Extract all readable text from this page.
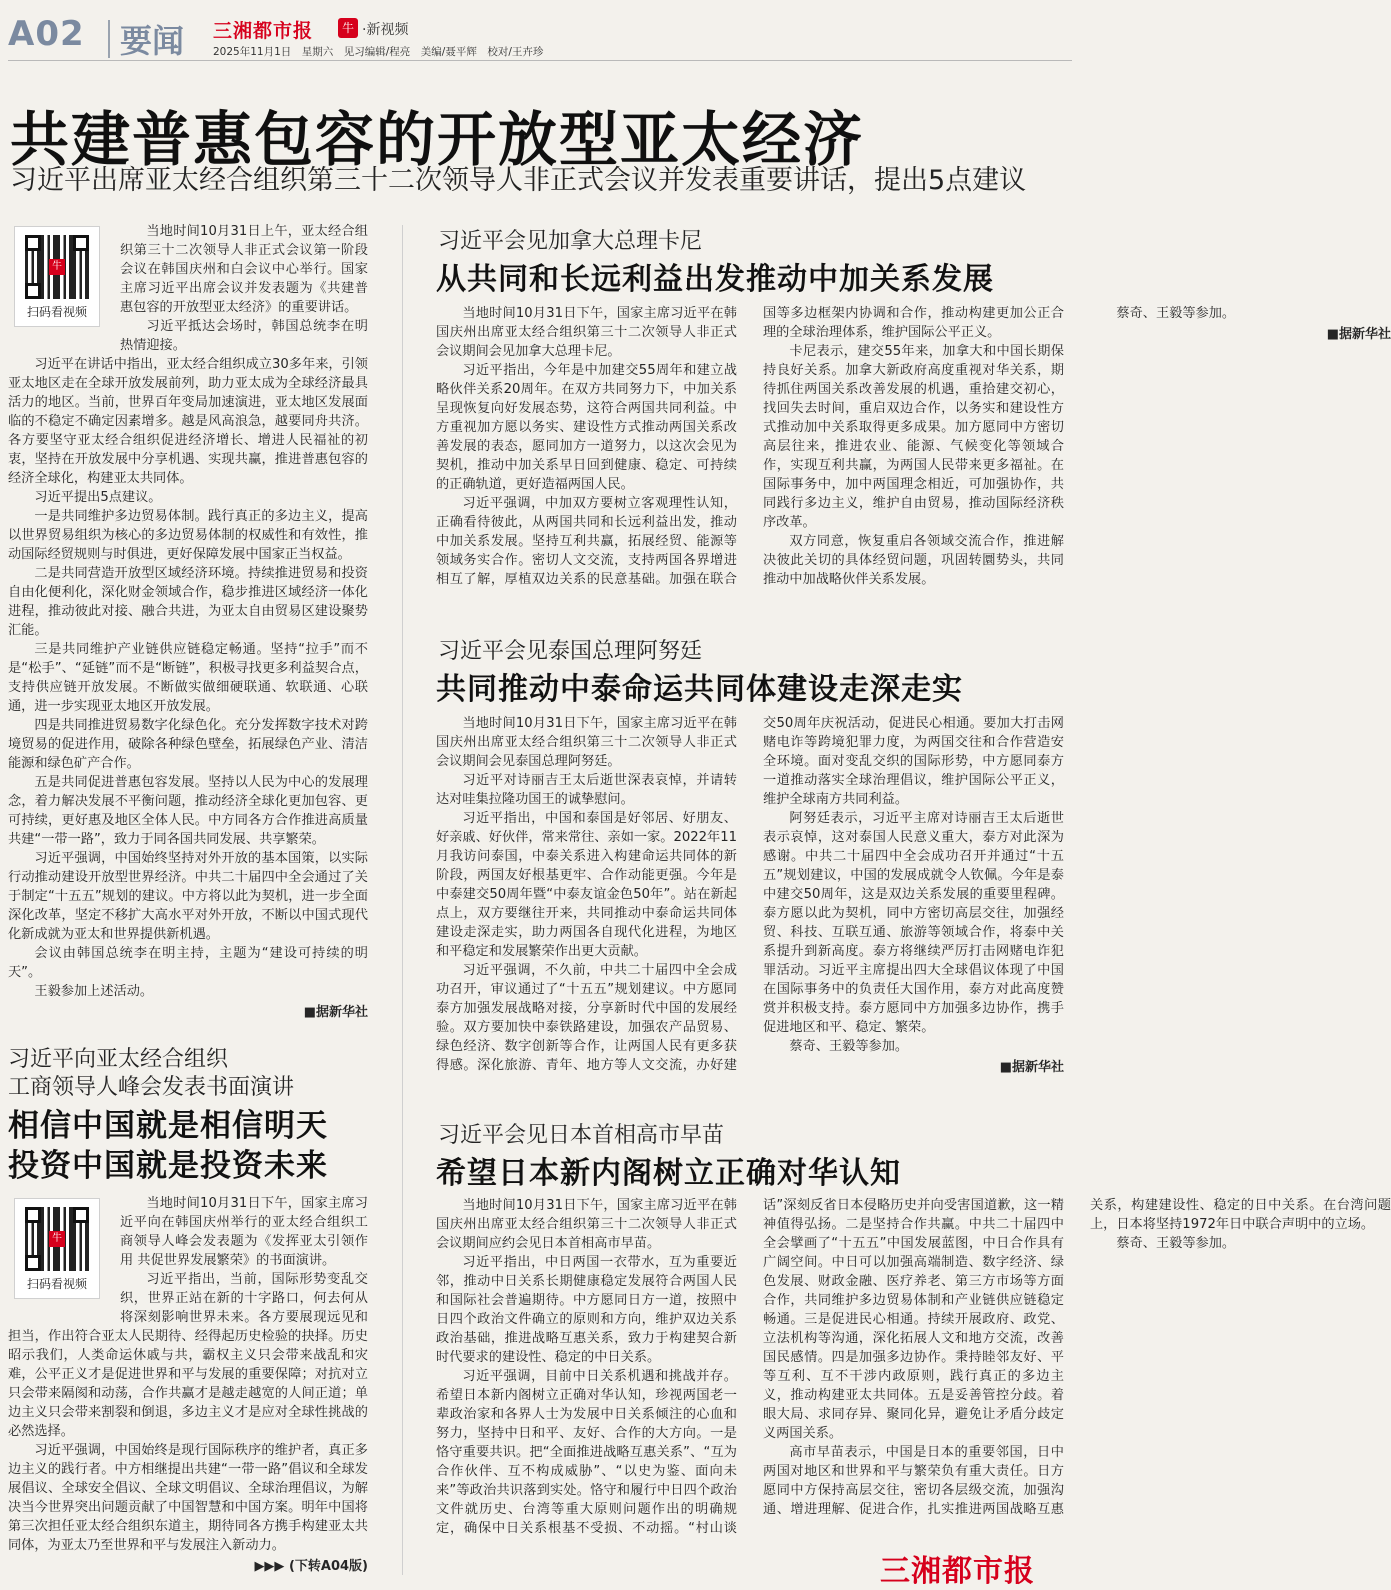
A02 要闻 三湘都市报	牛 ·新视频
2025年11月1日　星期六　见习编辑/程亮　美编/聂平辉　校对/王卉珍
共建普惠包容的开放型亚太经济
习近平出席亚太经合组织第三十二次领导人非正式会议并发表重要讲话，提出5点建议
牛
扫码看视频

当地时间10月31日上午，亚太经合组织第三十二次领导人非正式会议第一阶段会议在韩国庆州和白会议中心举行。国家主席习近平出席会议并发表题为《共建普惠包容的开放型亚太经济》的重要讲话。

习近平抵达会场时，韩国总统李在明热情迎接。

习近平在讲话中指出，亚太经合组织成立30多年来，引领亚太地区走在全球开放发展前列，助力亚太成为全球经济最具活力的地区。当前，世界百年变局加速演进，亚太地区发展面临的不稳定不确定因素增多。越是风高浪急，越要同舟共济。各方要坚守亚太经合组织促进经济增长、增进人民福祉的初衷，坚持在开放发展中分享机遇、实现共赢，推进普惠包容的经济全球化，构建亚太共同体。

习近平提出5点建议。

一是共同维护多边贸易体制。践行真正的多边主义，提高以世界贸易组织为核心的多边贸易体制的权威性和有效性，推动国际经贸规则与时俱进，更好保障发展中国家正当权益。

二是共同营造开放型区域经济环境。持续推进贸易和投资自由化便利化，深化财金领域合作，稳步推进区域经济一体化进程，推动彼此对接、融合共进，为亚太自由贸易区建设聚势汇能。

三是共同维护产业链供应链稳定畅通。坚持“拉手”而不是“松手”、“延链”而不是“断链”，积极寻找更多利益契合点，支持供应链开放发展。不断做实做细硬联通、软联通、心联通，进一步实现亚太地区开放发展。

四是共同推进贸易数字化绿色化。充分发挥数字技术对跨境贸易的促进作用，破除各种绿色壁垒，拓展绿色产业、清洁能源和绿色矿产合作。

五是共同促进普惠包容发展。坚持以人民为中心的发展理念，着力解决发展不平衡问题，推动经济全球化更加包容、更可持续，更好惠及地区全体人民。中方同各方合作推进高质量共建“一带一路”，致力于同各国共同发展、共享繁荣。

习近平强调，中国始终坚持对外开放的基本国策，以实际行动推动建设开放型世界经济。中共二十届四中全会通过了关于制定“十五五”规划的建议。中方将以此为契机，进一步全面深化改革，坚定不移扩大高水平对外开放，不断以中国式现代化新成就为亚太和世界提供新机遇。

会议由韩国总统李在明主持，主题为“建设可持续的明天”。

王毅参加上述活动。

■据新华社
习近平向亚太经合组织
工商领导人峰会发表书面演讲
相信中国就是相信明天
投资中国就是投资未来
牛
扫码看视频

当地时间10月31日下午，国家主席习近平向在韩国庆州举行的亚太经合组织工商领导人峰会发表题为《发挥亚太引领作用 共促世界发展繁荣》的书面演讲。

习近平指出，当前，国际形势变乱交织，世界正站在新的十字路口，何去何从将深刻影响世界未来。各方要展现远见和担当，作出符合亚太人民期待、经得起历史检验的抉择。历史昭示我们，人类命运休戚与共，霸权主义只会带来战乱和灾难，公平正义才是促进世界和平与发展的重要保障；对抗对立只会带来隔阂和动荡，合作共赢才是越走越宽的人间正道；单边主义只会带来割裂和倒退，多边主义才是应对全球性挑战的必然选择。

习近平强调，中国始终是现行国际秩序的维护者，真正多边主义的践行者。中方相继提出共建“一带一路”倡议和全球发展倡议、全球安全倡议、全球文明倡议、全球治理倡议，为解决当今世界突出问题贡献了中国智慧和中国方案。明年中国将第三次担任亚太经合组织东道主，期待同各方携手构建亚太共同体，为亚太乃至世界和平与发展注入新动力。

▶▶▶ (下转A04版)
习近平会见加拿大总理卡尼
从共同和长远利益出发推动中加关系发展

当地时间10月31日下午，国家主席习近平在韩国庆州出席亚太经合组织第三十二次领导人非正式会议期间会见加拿大总理卡尼。

习近平指出，今年是中加建交55周年和建立战略伙伴关系20周年。在双方共同努力下，中加关系呈现恢复向好发展态势，这符合两国共同利益。中方重视加方愿以务实、建设性方式推动两国关系改善发展的表态，愿同加方一道努力，以这次会见为契机，推动中加关系早日回到健康、稳定、可持续的正确轨道，更好造福两国人民。

习近平强调，中加双方要树立客观理性认知，正确看待彼此，从两国共同和长远利益出发，推动中加关系发展。坚持互利共赢，拓展经贸、能源等领域务实合作。密切人文交流，支持两国各界增进相互了解，厚植双边关系的民意基础。加强在联合国等多边框架内协调和合作，推动构建更加公正合理的全球治理体系，维护国际公平正义。

卡尼表示，建交55年来，加拿大和中国长期保持良好关系。加拿大新政府高度重视对华关系，期待抓住两国关系改善发展的机遇，重拾建交初心，找回失去时间，重启双边合作，以务实和建设性方式推动加中关系取得更多成果。加方愿同中方密切高层往来，推进农业、能源、气候变化等领域合作，实现互利共赢，为两国人民带来更多福祉。在国际事务中，加中两国理念相近，可加强协作，共同践行多边主义，维护自由贸易，推动国际经济秩序改革。

双方同意，恢复重启各领域交流合作，推进解决彼此关切的具体经贸问题，巩固转圜势头，共同推动中加战略伙伴关系发展。

蔡奇、王毅等参加。

■据新华社
习近平会见泰国总理阿努廷
共同推动中泰命运共同体建设走深走实

当地时间10月31日下午，国家主席习近平在韩国庆州出席亚太经合组织第三十二次领导人非正式会议期间会见泰国总理阿努廷。

习近平对诗丽吉王太后逝世深表哀悼，并请转达对哇集拉隆功国王的诚挚慰问。

习近平指出，中国和泰国是好邻居、好朋友、好亲戚、好伙伴，常来常往、亲如一家。2022年11月我访问泰国，中泰关系进入构建命运共同体的新阶段，两国友好根基更牢、合作动能更强。今年是中泰建交50周年暨“中泰友谊金色50年”。站在新起点上，双方要继往开来，共同推动中泰命运共同体建设走深走实，助力两国各自现代化进程，为地区和平稳定和发展繁荣作出更大贡献。

习近平强调，不久前，中共二十届四中全会成功召开，审议通过了“十五五”规划建议。中方愿同泰方加强发展战略对接，分享新时代中国的发展经验。双方要加快中泰铁路建设，加强农产品贸易、绿色经济、数字创新等合作，让两国人民有更多获得感。深化旅游、青年、地方等人文交流，办好建交50周年庆祝活动，促进民心相通。要加大打击网赌电诈等跨境犯罪力度，为两国交往和合作营造安全环境。面对变乱交织的国际形势，中方愿同泰方一道推动落实全球治理倡议，维护国际公平正义，维护全球南方共同利益。

阿努廷表示，习近平主席对诗丽吉王太后逝世表示哀悼，这对泰国人民意义重大，泰方对此深为感谢。中共二十届四中全会成功召开并通过“十五五”规划建议，中国的发展成就令人钦佩。今年是泰中建交50周年，这是双边关系发展的重要里程碑。泰方愿以此为契机，同中方密切高层交往，加强经贸、科技、互联互通、旅游等领域合作，将泰中关系提升到新高度。泰方将继续严厉打击网赌电诈犯罪活动。习近平主席提出四大全球倡议体现了中国在国际事务中的负责任大国作用，泰方对此高度赞赏并积极支持。泰方愿同中方加强多边协作，携手促进地区和平、稳定、繁荣。

蔡奇、王毅等参加。

■据新华社
习近平会见日本首相高市早苗
希望日本新内阁树立正确对华认知

当地时间10月31日下午，国家主席习近平在韩国庆州出席亚太经合组织第三十二次领导人非正式会议期间应约会见日本首相高市早苗。

习近平指出，中日两国一衣带水，互为重要近邻，推动中日关系长期健康稳定发展符合两国人民和国际社会普遍期待。中方愿同日方一道，按照中日四个政治文件确立的原则和方向，维护双边关系政治基础，推进战略互惠关系，致力于构建契合新时代要求的建设性、稳定的中日关系。

习近平强调，目前中日关系机遇和挑战并存。希望日本新内阁树立正确对华认知，珍视两国老一辈政治家和各界人士为发展中日关系倾注的心血和努力，坚持中日和平、友好、合作的大方向。一是恪守重要共识。把“全面推进战略互惠关系”、“互为合作伙伴、互不构成威胁”、“以史为鉴、面向未来”等政治共识落到实处。恪守和履行中日四个政治文件就历史、台湾等重大原则问题作出的明确规定，确保中日关系根基不受损、不动摇。“村山谈话”深刻反省日本侵略历史并向受害国道歉，这一精神值得弘扬。二是坚持合作共赢。中共二十届四中全会擘画了“十五五”中国发展蓝图，中日合作具有广阔空间。中日可以加强高端制造、数字经济、绿色发展、财政金融、医疗养老、第三方市场等方面合作，共同维护多边贸易体制和产业链供应链稳定畅通。三是促进民心相通。持续开展政府、政党、立法机构等沟通，深化拓展人文和地方交流，改善国民感情。四是加强多边协作。秉持睦邻友好、平等互利、互不干涉内政原则，践行真正的多边主义，推动构建亚太共同体。五是妥善管控分歧。着眼大局、求同存异、聚同化异，避免让矛盾分歧定义两国关系。

高市早苗表示，中国是日本的重要邻国，日中两国对地区和世界和平与繁荣负有重大责任。日方愿同中方保持高层交往，密切各层级交流，加强沟通、增进理解、促进合作，扎实推进两国战略互惠关系，构建建设性、稳定的日中关系。在台湾问题上，日本将坚持1972年日中联合声明中的立场。

蔡奇、王毅等参加。

三湘都市报
